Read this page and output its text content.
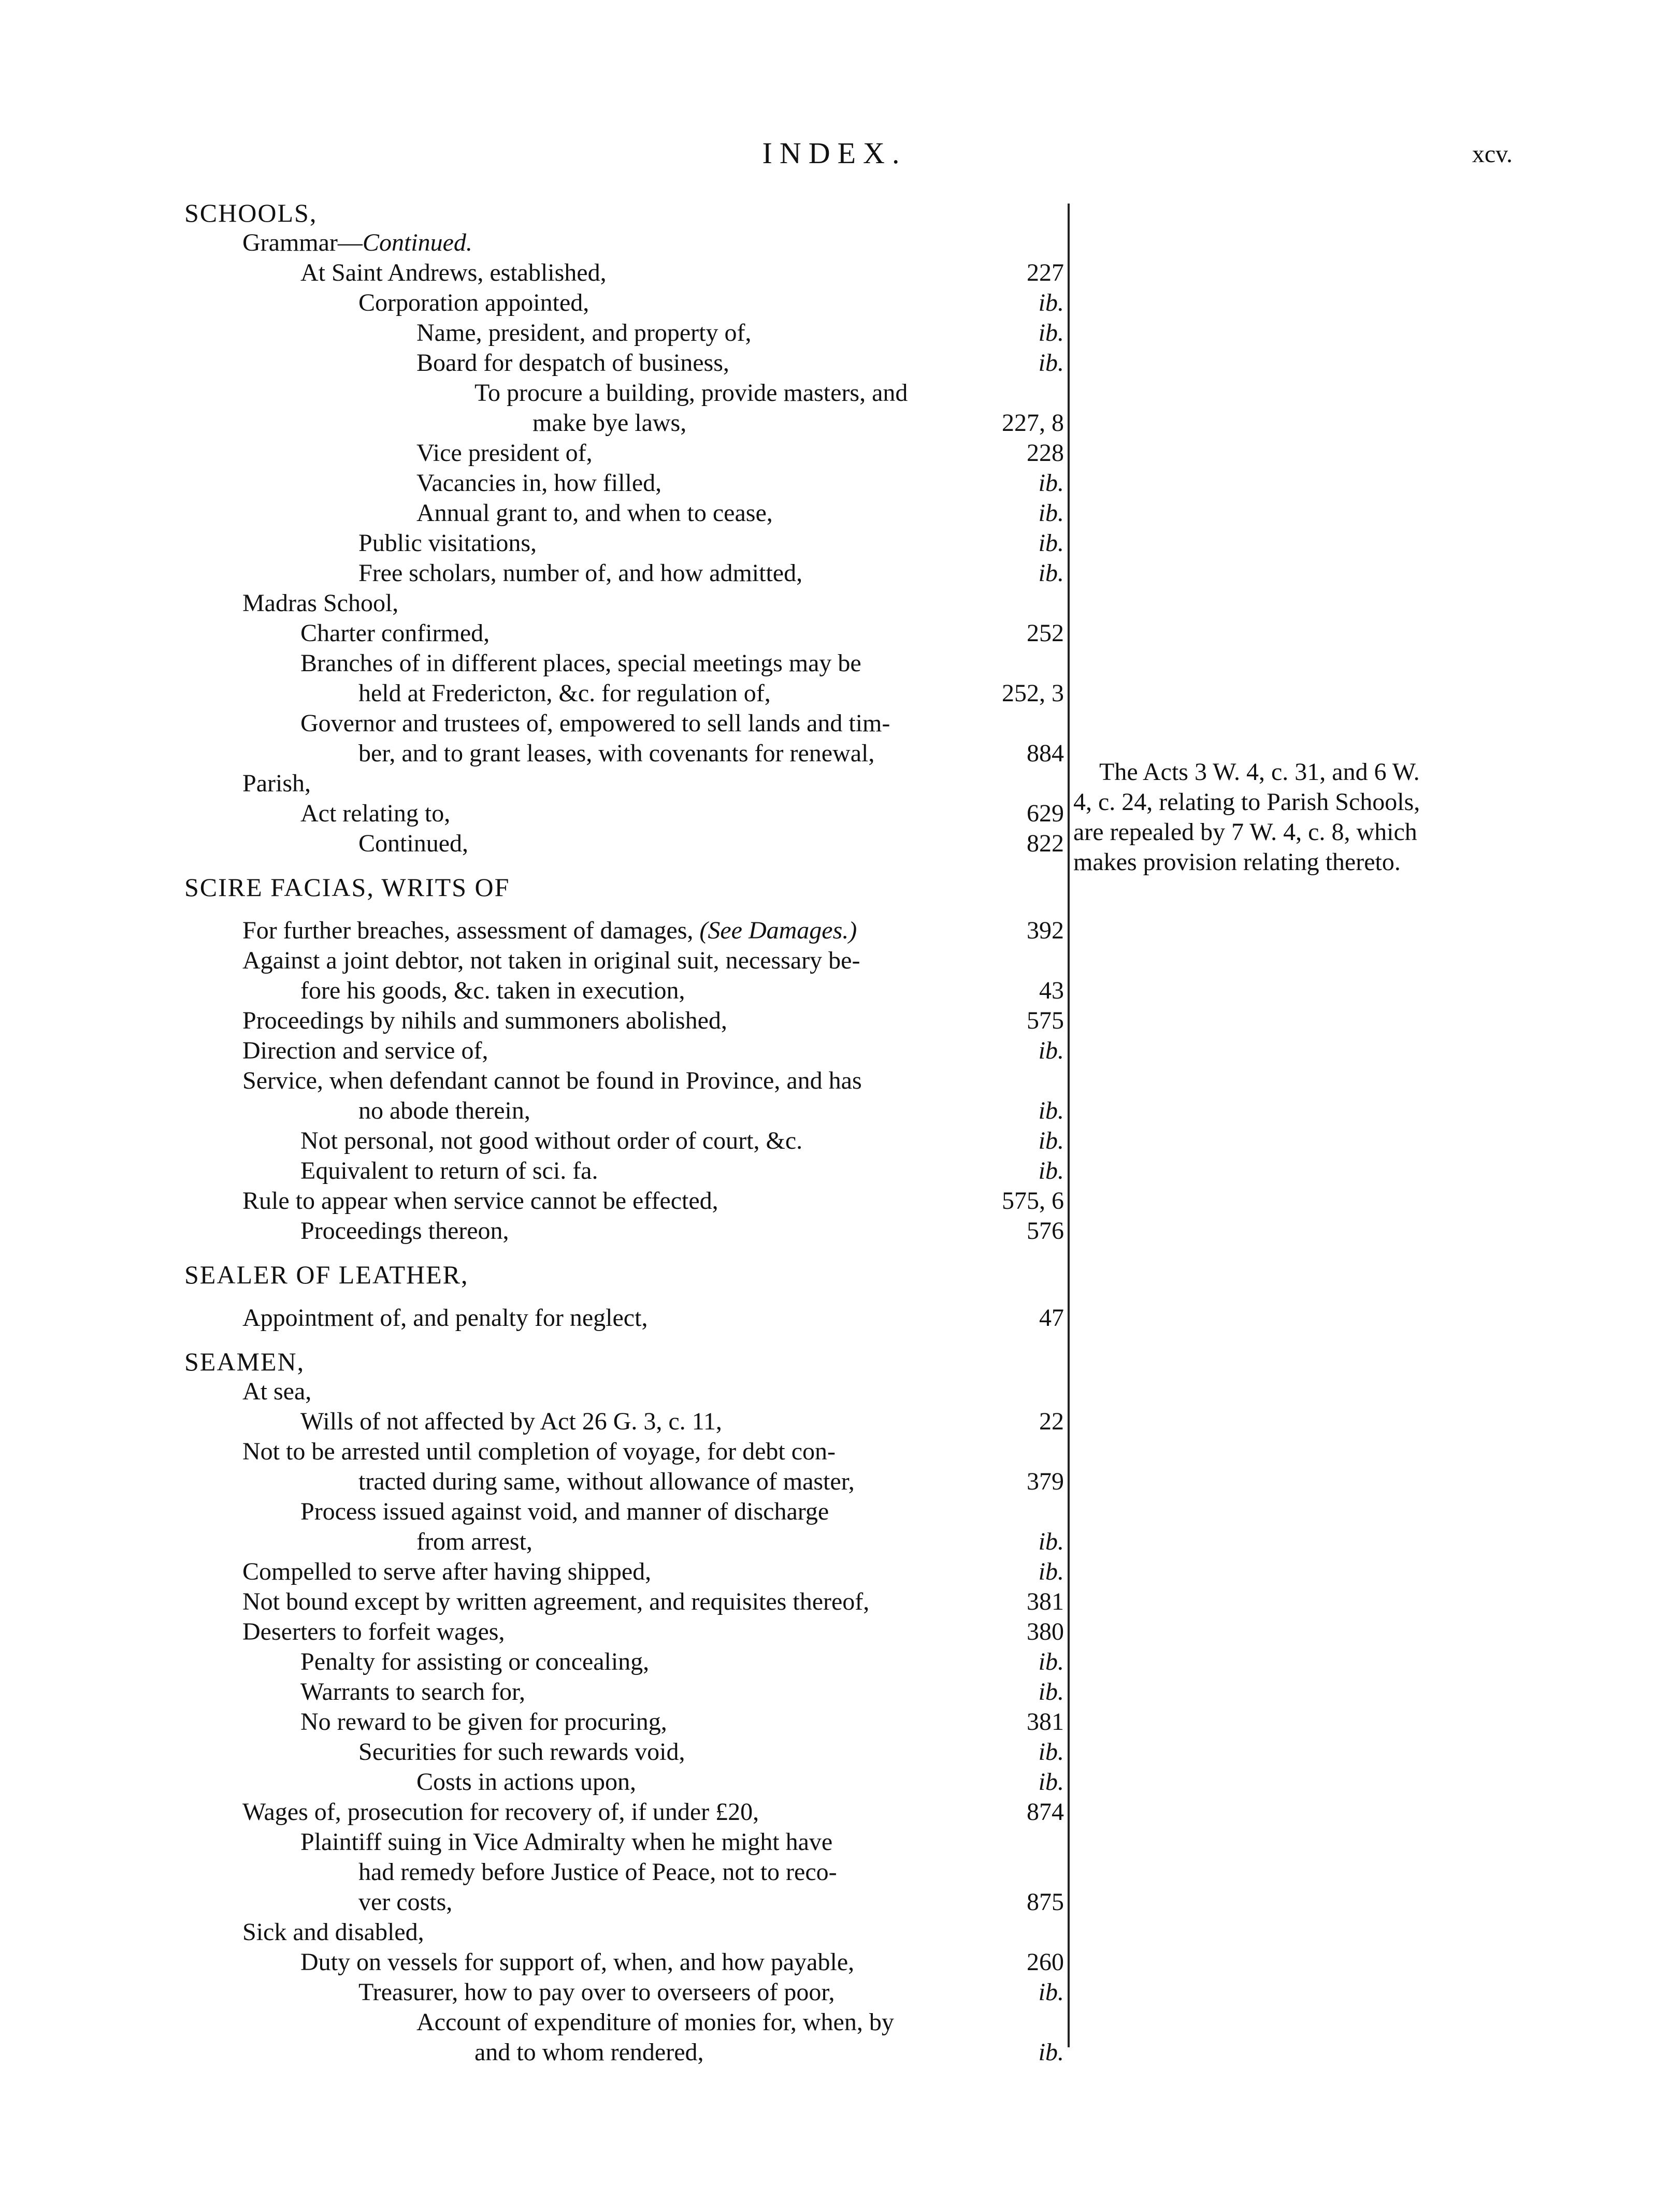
INDEX.	xcv.
SCHOOLS,
Grammar—Continued.
At Saint Andrews, established,	227
Corporation appointed,	ib.
Name, president, and property of,	ib.
Board for despatch of business,	ib.
To procure a building, provide masters, and
make bye laws,	227, 8
Vice president of,	228
Vacancies in, how filled,	ib.
Annual grant to, and when to cease,	ib.
Public visitations,	ib.
Free scholars, number of, and how admitted,	ib.
Madras School,
Charter confirmed,	252
Branches of in different places, special meetings may be
held at Fredericton, &c. for regulation of,	252, 3
Governor and trustees of, empowered to sell lands and tim-
ber, and to grant leases, with covenants for renewal,	884
Parish,
Act relating to,	629
Continued,	822
SCIRE FACIAS, WRITS OF
For further breaches, assessment of damages, (See Damages.)	392
Against a joint debtor, not taken in original suit, necessary be-
fore his goods, &c. taken in execution,	43
Proceedings by nihils and summoners abolished,	575
Direction and service of,	ib.
Service, when defendant cannot be found in Province, and has
no abode therein,	ib.
Not personal, not good without order of court, &c.	ib.
Equivalent to return of sci. fa.	ib.
Rule to appear when service cannot be effected,	575, 6
Proceedings thereon,	576
SEALER OF LEATHER,
Appointment of, and penalty for neglect,	47
SEAMEN,
At sea,
Wills of not affected by Act 26 G. 3, c. 11,	22
Not to be arrested until completion of voyage, for debt con-
tracted during same, without allowance of master,	379
Process issued against void, and manner of discharge
from arrest,	ib.
Compelled to serve after having shipped,	ib.
Not bound except by written agreement, and requisites thereof,	381
Deserters to forfeit wages,	380
Penalty for assisting or concealing,	ib.
Warrants to search for,	ib.
No reward to be given for procuring,	381
Securities for such rewards void,	ib.
Costs in actions upon,	ib.
Wages of, prosecution for recovery of, if under £20,	874
Plaintiff suing in Vice Admiralty when he might have
had remedy before Justice of Peace, not to reco-
ver costs,	875
Sick and disabled,
Duty on vessels for support of, when, and how payable,	260
Treasurer, how to pay over to overseers of poor,	ib.
Account of expenditure of monies for, when, by
and to whom rendered,	ib.
The Acts 3 W. 4, c. 31, and 6 W.
4, c. 24, relating to Parish Schools,
are repealed by 7 W. 4, c. 8, which
makes provision relating thereto.
